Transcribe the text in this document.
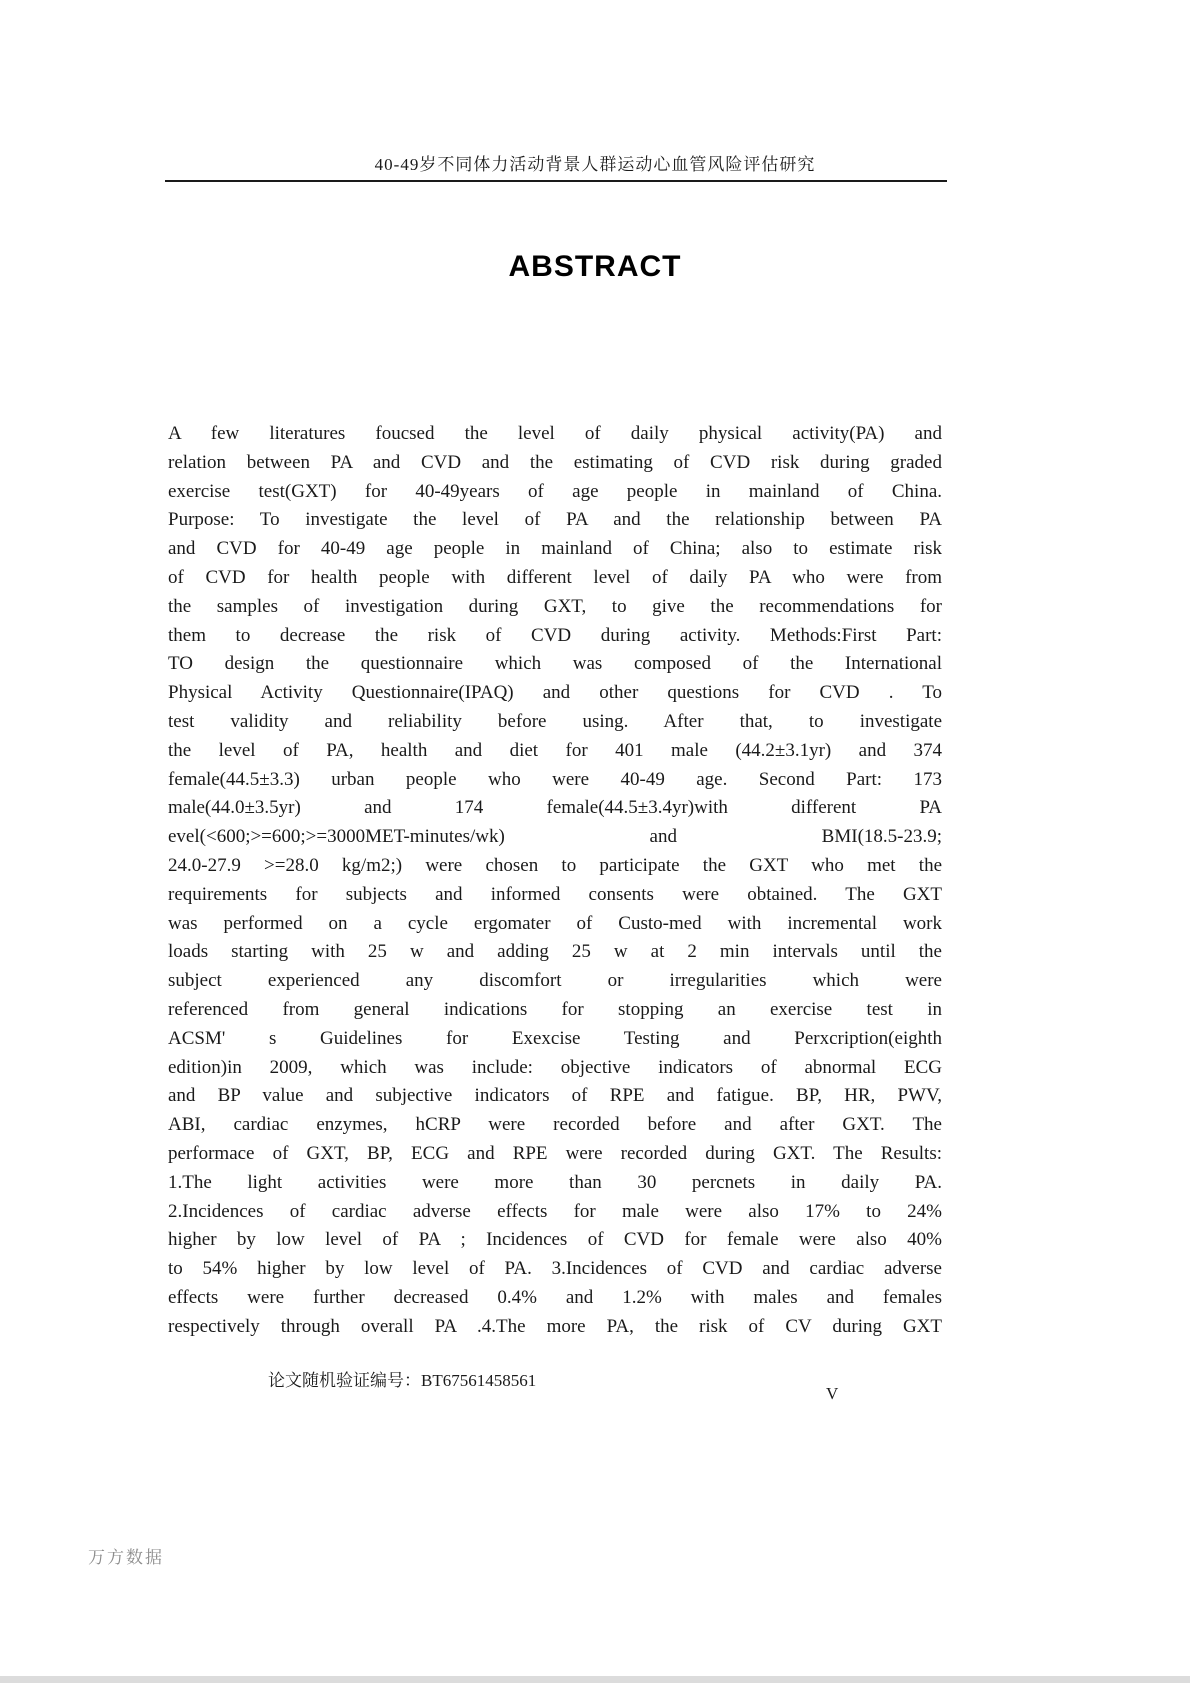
40-49岁不同体力活动背景人群运动心血管风险评估研究
ABSTRACT
A few literatures foucsed the level of daily physical activity(PA) and
relation between PA and CVD and the estimating of CVD risk during graded
exercise test(GXT) for 40-49years of age people in mainland of China.
Purpose: To investigate the level of PA and the relationship between PA
and CVD for 40-49 age people in mainland of China; also to estimate risk
of CVD for health people with different level of daily PA who were from
the samples of investigation during GXT, to give the recommendations for
them to decrease the risk of CVD during activity. Methods:First Part:
TO design the questionnaire which was composed of the International
Physical Activity Questionnaire(IPAQ) and other questions for CVD . To
test validity and reliability before using. After that, to investigate
the level of PA, health and diet for 401 male (44.2±3.1yr) and 374
female(44.5±3.3) urban people who were 40-49 age. Second Part: 173
male(44.0±3.5yr) and 174 female(44.5±3.4yr)with different PA
evel(<600;>=600;>=3000MET-minutes/wk) and BMI(18.5-23.9;
24.0-27.9 >=28.0 kg/m2;) were chosen to participate the GXT who met the
requirements for subjects and informed consents were obtained. The GXT
was performed on a cycle ergomater of Custo-med with incremental work
loads starting with 25 w and adding 25 w at 2 min intervals until the
subject experienced any discomfort or irregularities which were
referenced from general indications for stopping an exercise test in
ACSM' s Guidelines for Exexcise Testing and Perxcription(eighth
edition)in 2009, which was include: objective indicators of abnormal ECG
and BP value and subjective indicators of RPE and fatigue. BP, HR, PWV,
ABI, cardiac enzymes, hCRP were recorded before and after GXT. The
performace of GXT, BP, ECG and RPE were recorded during GXT. The Results:
1.The light activities were more than 30 percnets in daily PA.
2.Incidences of cardiac adverse effects for male were also 17% to 24%
higher by low level of PA ; Incidences of CVD for female were also 40%
to 54% higher by low level of PA. 3.Incidences of CVD and cardiac adverse
effects were further decreased 0.4% and 1.2% with males and females
respectively through overall PA .4.The more PA, the risk of CV during GXT
论文随机验证编号：BT67561458561
V
万方数据
